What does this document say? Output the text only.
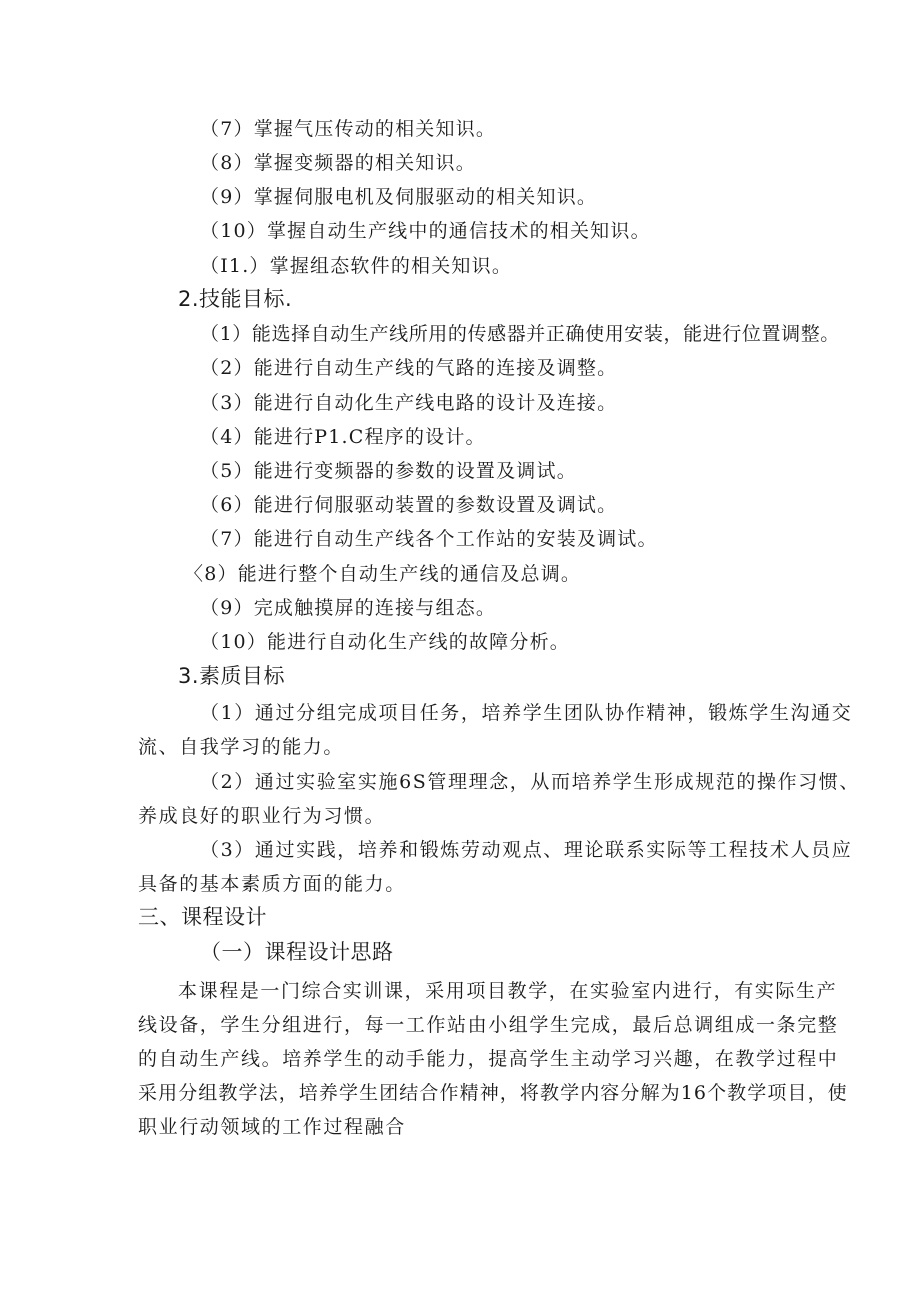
（7）掌握气压传动的相关知识。
（8）掌握变频器的相关知识。
（9）掌握伺服电机及伺服驱动的相关知识。
（10）掌握自动生产线中的通信技术的相关知识。
（I1.）掌握组态软件的相关知识。
2.技能目标.
（1）能选择自动生产线所用的传感器并正确使用安装，能进行位置调整。
（2）能进行自动生产线的气路的连接及调整。
（3）能进行自动化生产线电路的设计及连接。
（4）能进行P1.C程序的设计。
（5）能进行变频器的参数的设置及调试。
（6）能进行伺服驱动装置的参数设置及调试。
（7）能进行自动生产线各个工作站的安装及调试。
〈8）能进行整个自动生产线的通信及总调。
（9）完成触摸屏的连接与组态。
（10）能进行自动化生产线的故障分析。
3.素质目标
（1）通过分组完成项目任务，培养学生团队协作精神，锻炼学生沟通交
流、自我学习的能力。
（2）通过实验室实施6S管理理念，从而培养学生形成规范的操作习惯、
养成良好的职业行为习惯。
（3）通过实践，培养和锻炼劳动观点、理论联系实际等工程技术人员应
具备的基本素质方面的能力。
三、课程设计
（一）课程设计思路
本课程是一门综合实训课，采用项目教学，在实验室内进行，有实际生产
线设备，学生分组进行，每一工作站由小组学生完成，最后总调组成一条完整
的自动生产线。培养学生的动手能力，提高学生主动学习兴趣，在教学过程中
采用分组教学法，培养学生团结合作精神，将教学内容分解为16个教学项目，使
职业行动领域的工作过程融合
